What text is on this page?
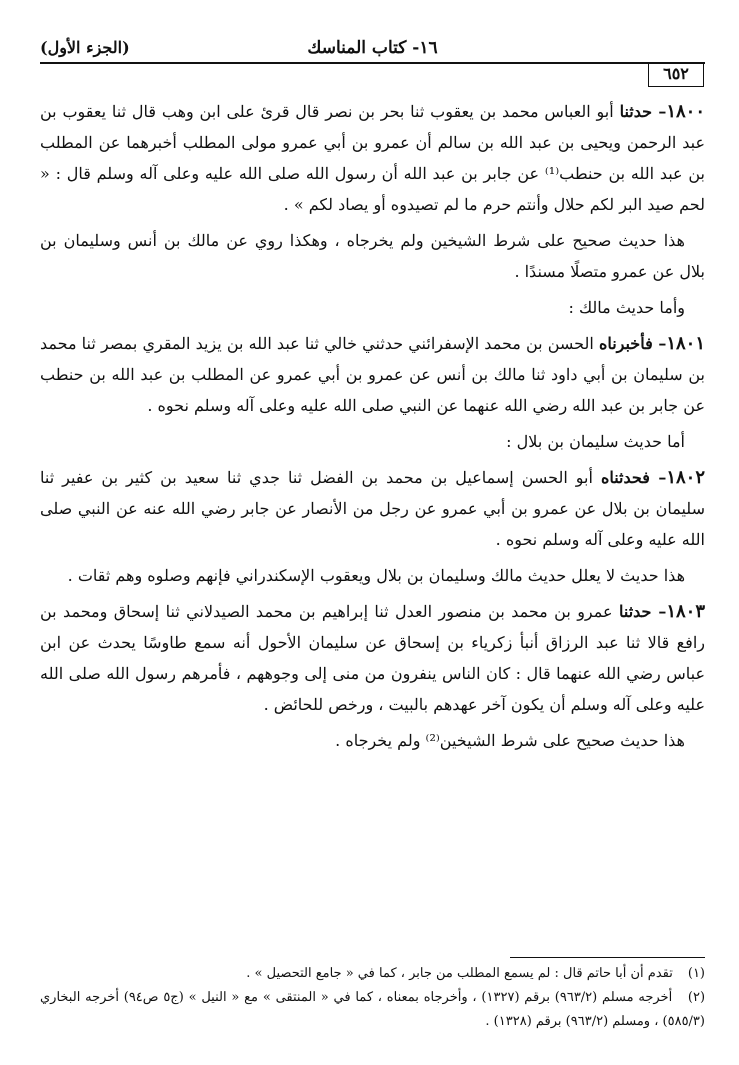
١٦- كتاب المناسك
(الجزء الأول)
٦٥٢

١٨٠٠– حدثنا أبو العباس محمد بن يعقوب ثنا بحر بن نصر قال قرئ على ابن وهب قال ثنا يعقوب بن عبد الرحمن ويحيى بن عبد الله بن سالم أن عمرو بن أبي عمرو مولى المطلب أخبرهما عن المطلب بن عبد الله بن حنطب⁽¹⁾ عن جابر بن عبد الله أن رسول الله صلى الله عليه وعلى آله وسلم قال : « لحم صيد البر لكم حلال وأنتم حرم ما لم تصيدوه أو يصاد لكم » .

هذا حديث صحيح على شرط الشيخين ولم يخرجاه ، وهكذا روي عن مالك بن أنس وسليمان بن بلال عن عمرو متصلًا مسندًا .

وأما حديث مالك :

١٨٠١– فأخبرناه الحسن بن محمد الإسفرائني حدثني خالي ثنا عبد الله بن يزيد المقري بمصر ثنا محمد بن سليمان بن أبي داود ثنا مالك بن أنس عن عمرو بن أبي عمرو عن المطلب بن عبد الله بن حنطب عن جابر بن عبد الله رضي الله عنهما عن النبي صلى الله عليه وعلى آله وسلم نحوه .

أما حديث سليمان بن بلال :

١٨٠٢– فحدثناه أبو الحسن إسماعيل بن محمد بن الفضل ثنا جدي ثنا سعيد بن كثير بن عفير ثنا سليمان بن بلال عن عمرو بن أبي عمرو عن رجل من الأنصار عن جابر رضي الله عنه عن النبي صلى الله عليه وعلى آله وسلم نحوه .

هذا حديث لا يعلل حديث مالك وسليمان بن بلال ويعقوب الإسكندراني فإنهم وصلوه وهم ثقات .

١٨٠٣– حدثنا عمرو بن محمد بن منصور العدل ثنا إبراهيم بن محمد الصيدلاني ثنا إسحاق ومحمد بن رافع قالا ثنا عبد الرزاق أنبأ زكرياء بن إسحاق عن سليمان الأحول أنه سمع طاوسًا يحدث عن ابن عباس رضي الله عنهما قال : كان الناس ينفرون من منى إلى وجوههم ، فأمرهم رسول الله صلى الله عليه وعلى آله وسلم أن يكون آخر عهدهم بالبيت ، ورخص للحائض .

هذا حديث صحيح على شرط الشيخين⁽²⁾ ولم يخرجاه .

(١) تقدم أن أبا حاتم قال : لم يسمع المطلب من جابر ، كما في « جامع التحصيل » .

(٢) أخرجه مسلم (٩٦٣/٢) برقم (١٣٢٧) ، وأخرجاه بمعناه ، كما في « المنتقى » مع « النيل » (ج٥ ص٩٤) أخرجه البخاري (٥٨٥/٣) ، ومسلم (٩٦٣/٢) برقم (١٣٢٨) .
